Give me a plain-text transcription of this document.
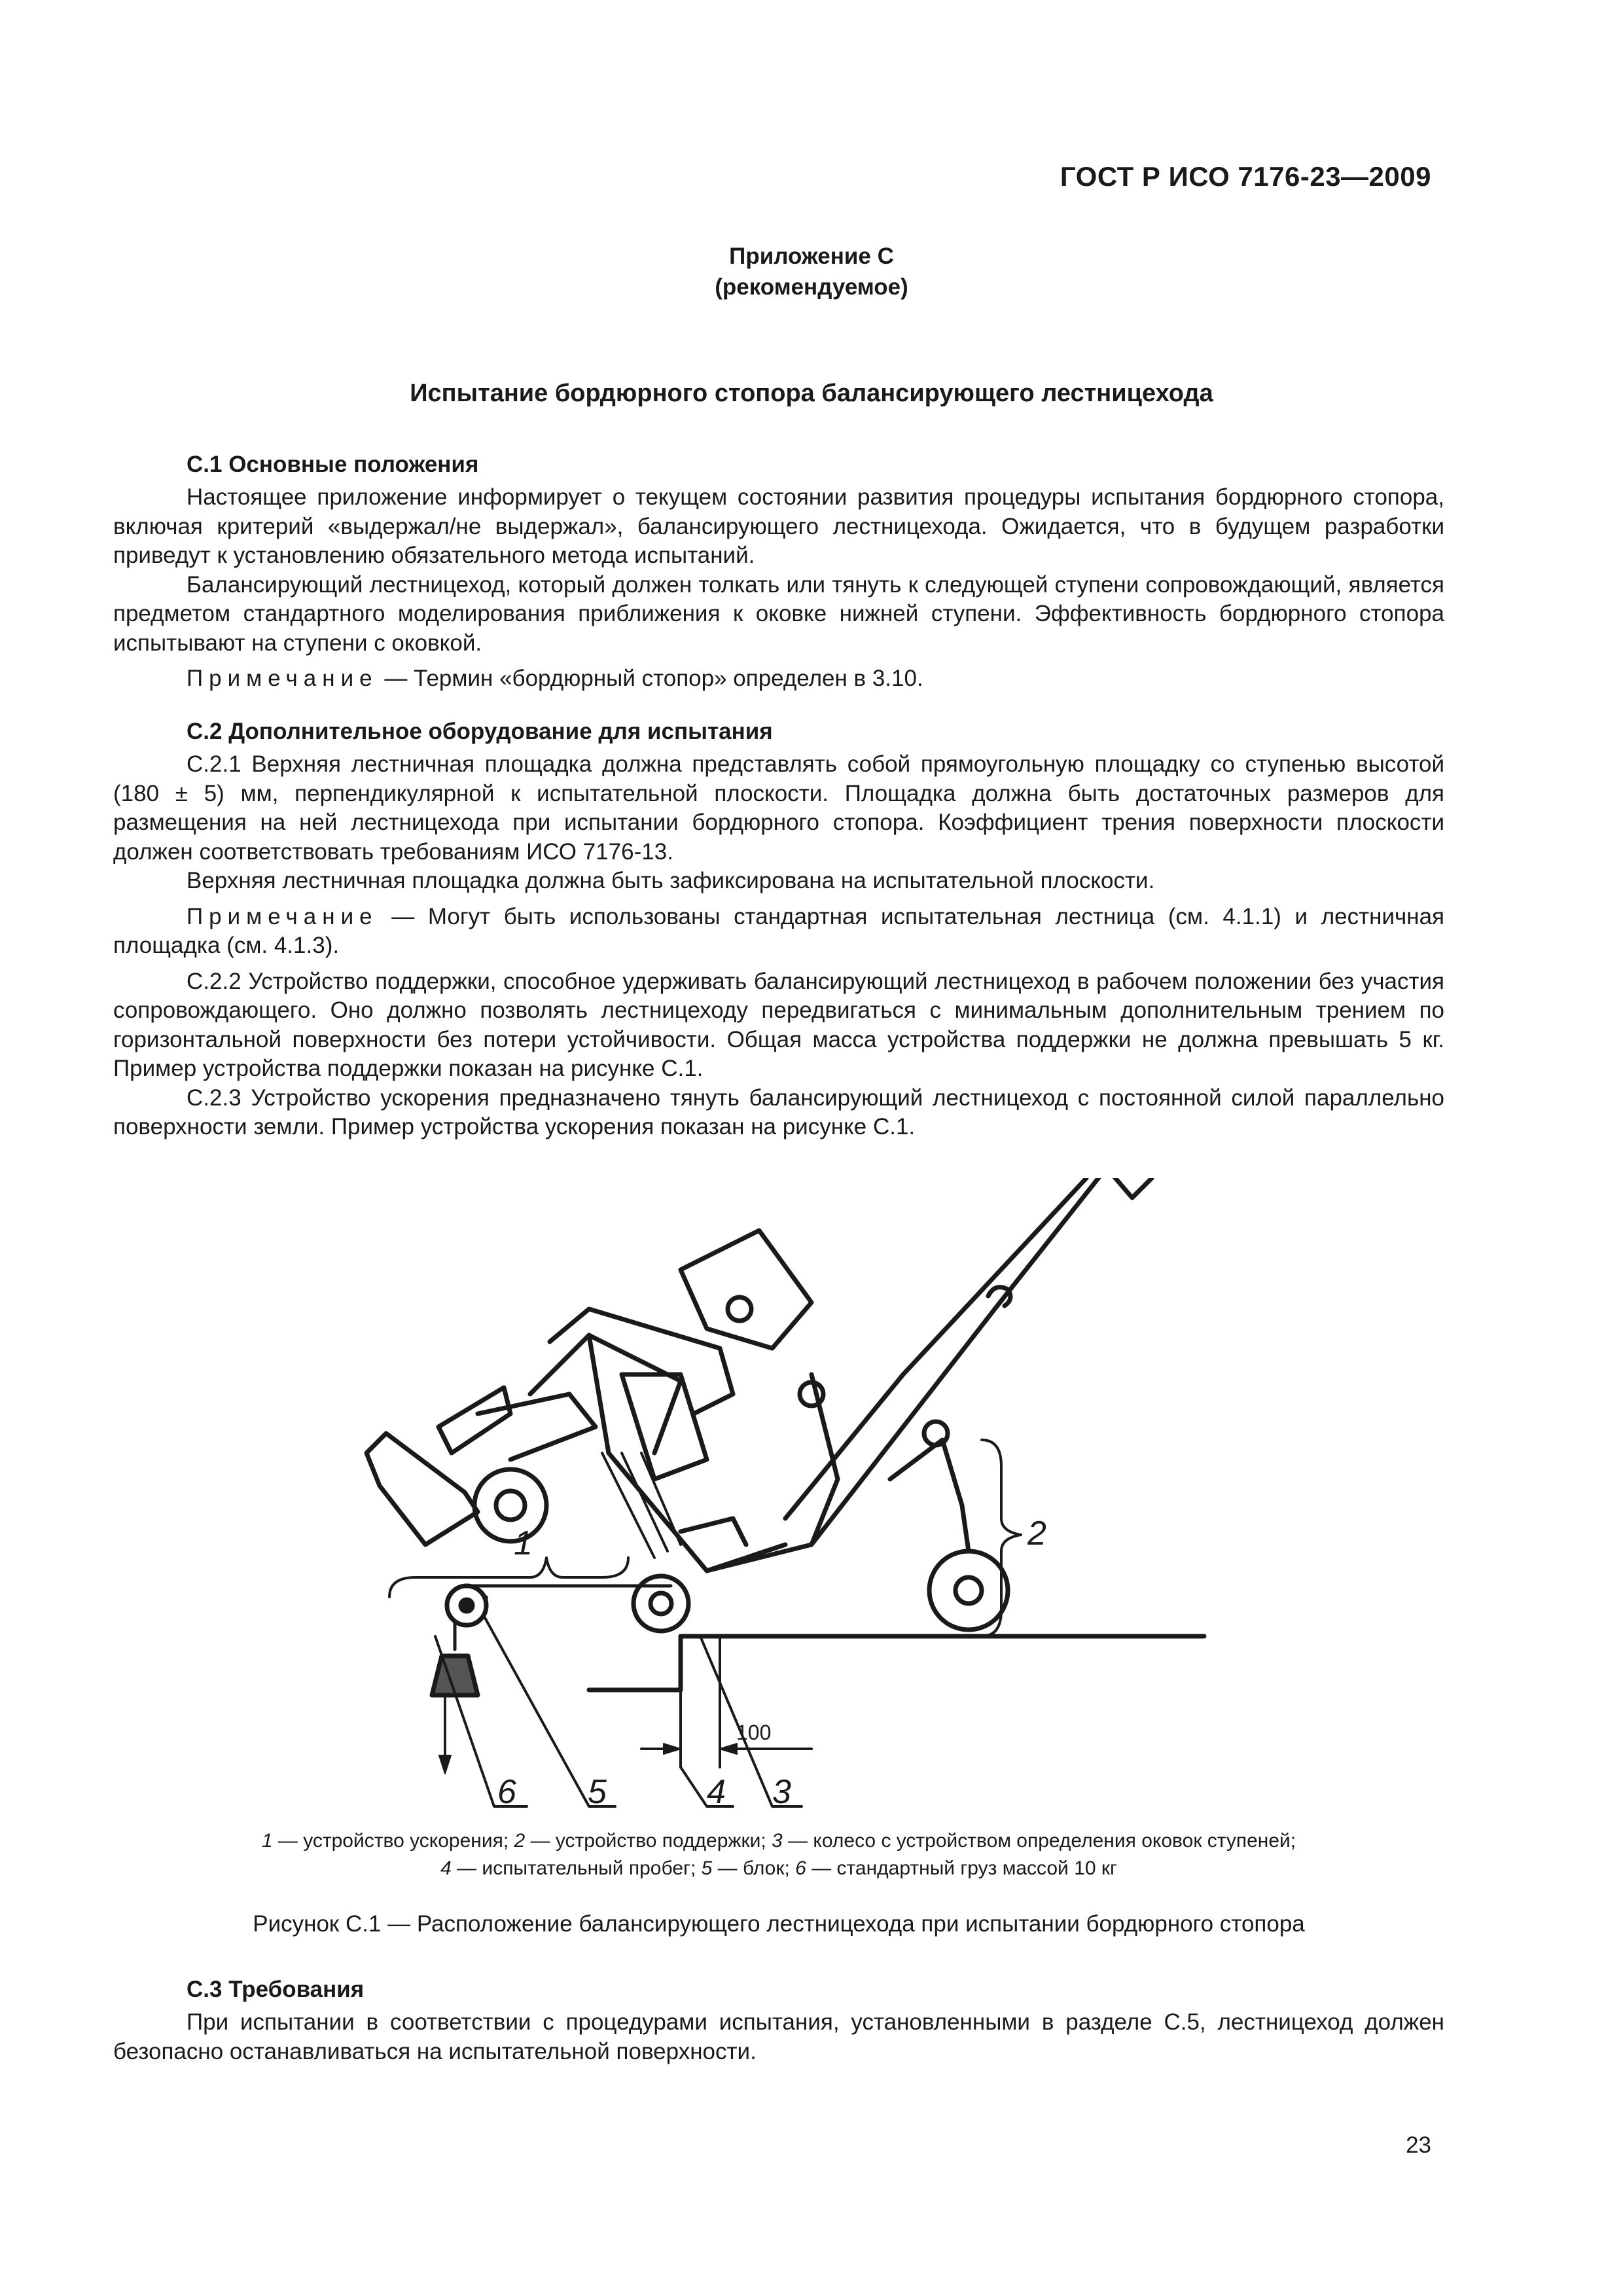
ГОСТ Р ИСО 7176-23—2009
Приложение С
(рекомендуемое)
Испытание бордюрного стопора балансирующего лестницехода
С.1 Основные положения

Настоящее приложение информирует о текущем состоянии развития процедуры испытания бордюрного стопора, включая критерий «выдержал/не выдержал», балансирующего лестницехода. Ожидается, что в будущем разработки приведут к установлению обязательного метода испытаний.

Балансирующий лестницеход, который должен толкать или тянуть к следующей ступени сопровождающий, является предметом стандартного моделирования приближения к оковке нижней ступени. Эффективность бордюрного стопора испытывают на ступени с оковкой.

Примечание — Термин «бордюрный стопор» определен в 3.10.

С.2 Дополнительное оборудование для испытания

С.2.1 Верхняя лестничная площадка должна представлять собой прямоугольную площадку со ступенью высотой (180 ± 5) мм, перпендикулярной к испытательной плоскости. Площадка должна быть достаточных размеров для размещения на ней лестницехода при испытании бордюрного стопора. Коэффициент трения поверхности плоскости должен соответствовать требованиям ИСО 7176-13.

Верхняя лестничная площадка должна быть зафиксирована на испытательной плоскости.

Примечание — Могут быть использованы стандартная испытательная лестница (см. 4.1.1) и лестничная площадка (см. 4.1.3).

С.2.2 Устройство поддержки, способное удерживать балансирующий лестницеход в рабочем положении без участия сопровождающего. Оно должно позволять лестницеходу передвигаться с минимальным дополнительным трением по горизонтальной поверхности без потери устойчивости. Общая масса устройства поддержки не должна превышать 5 кг. Пример устройства поддержки показан на рисунке С.1.

С.2.3 Устройство ускорения предназначено тянуть балансирующий лестницеход с постоянной силой параллельно поверхности земли. Пример устройства ускорения показан на рисунке С.1.

1	2
3
4
5
6
100
1 — устройство ускорения; 2 — устройство поддержки; 3 — колесо с устройством определения оковок ступеней;
4 — испытательный пробег; 5 — блок; 6 — стандартный груз массой 10 кг
Рисунок С.1 — Расположение балансирующего лестницехода при испытании бордюрного стопора
С.3 Требования

При испытании в соответствии с процедурами испытания, установленными в разделе С.5, лестницеход должен безопасно останавливаться на испытательной поверхности.

23
